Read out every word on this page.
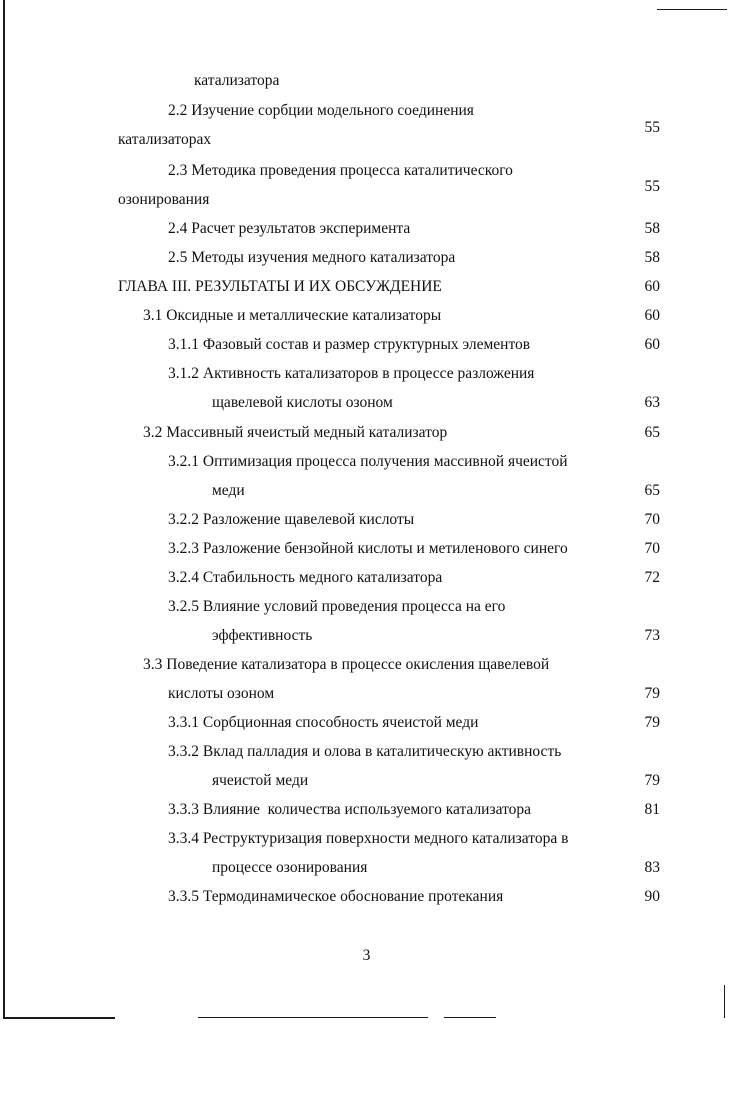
катализатора
2.2 Изучение сорбции модельного соединения
катализаторах
55
2.3 Методика проведения процесса каталитического
озонирования
55
2.4 Расчет результатов эксперимента	58
2.5 Методы изучения медного катализатора	58
ГЛАВА III. РЕЗУЛЬТАТЫ И ИХ ОБСУЖДЕНИЕ	60
3.1 Оксидные и металлические катализаторы	60
3.1.1 Фазовый состав и размер структурных элементов	60
3.1.2 Активность катализаторов в процессе разложения
щавелевой кислоты озоном	63
3.2 Массивный ячеистый медный катализатор	65
3.2.1 Оптимизация процесса получения массивной ячеистой
меди	65
3.2.2 Разложение щавелевой кислоты	70
3.2.3 Разложение бензойной кислоты и метиленового синего	70
3.2.4 Стабильность медного катализатора	72
3.2.5 Влияние условий проведения процесса на его
эффективность	73
3.3 Поведение катализатора в процессе окисления щавелевой
кислоты озоном	79
3.3.1 Сорбционная способность ячеистой меди	79
3.3.2 Вклад палладия и олова в каталитическую активность
ячеистой меди	79
3.3.3 Влияние  количества используемого катализатора	81
3.3.4 Реструктуризация поверхности медного катализатора в
процессе озонирования	83
3.3.5 Термодинамическое обоснование протекания	90
3
